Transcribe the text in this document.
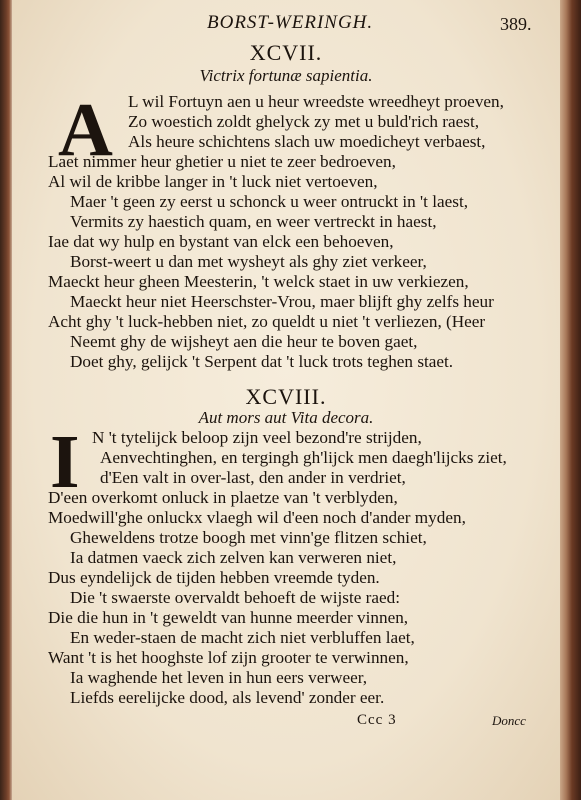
BORST-WERINGH.	389.
XCVII.
Victrix fortunæ sapientia.
A L wil Fortuyn aen u heur wreedste wreedheyt proeven,
Zo woestich zoldt ghelyck zy met u buld'rich raest,
Als heure schichtens slach uw moedicheyt verbaest,
Laet nimmer heur ghetier u niet te zeer bedroeven,
Al wil de kribbe langer in 't luck niet vertoeven,
Maer 't geen zy eerst u schonck u weer ontruckt in 't laest,
Vermits zy haestich quam, en weer vertreckt in haest,
Iae dat wy hulp en bystant van elck een behoeven,
Borst-weert u dan met wysheyt als ghy ziet verkeer,
Maeckt heur gheen Meesterin, 't welck staet in uw verkiezen,
Maeckt heur niet Heerschster-Vrou, maer blijft ghy zelfs heur
Acht ghy 't luck-hebben niet, zo queldt u niet 't verliezen, (Heer
Neemt ghy de wijsheyt aen die heur te boven gaet,
Doet ghy, gelijck 't Serpent dat 't luck trots teghen staet.
XCVIII.
Aut mors aut Vita decora.
I N 't tytelijck beloop zijn veel bezond're strijden,
Aenvechtinghen, en tergingh gh'lijck men daegh'lijcks ziet,
d'Een valt in over-last, den ander in verdriet,
D'een overkomt onluck in plaetze van 't verblyden,
Moedwill'ghe onluckx vlaegh wil d'een noch d'ander myden,
Gheweldens trotze boogh met vinn'ge flitzen schiet,
Ia datmen vaeck zich zelven kan verweren niet,
Dus eyndelijck de tijden hebben vreemde tyden.
Die 't swaerste overvaldt behoeft de wijste raed:
Die die hun in 't geweldt van hunne meerder vinnen,
En weder-staen de macht zich niet verbluffen laet,
Want 't is het hooghste lof zijn grooter te verwinnen,
Ia waghende het leven in hun eers verweer,
Liefds eerelijcke dood, als levend' zonder eer.
Ccc 3	Doncc
